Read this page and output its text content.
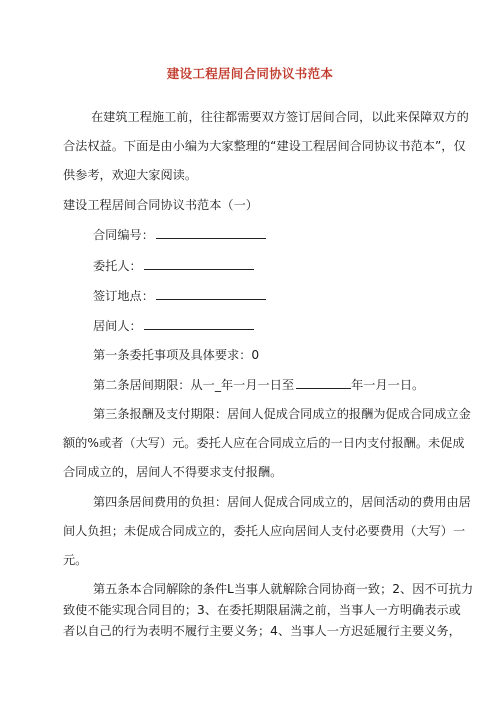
建设工程居间合同协议书范本
在建筑工程施工前，往往都需要双方签订居间合同，以此来保障双方的
合法权益。下面是由小编为大家整理的“建设工程居间合同协议书范本”，仅
供参考，欢迎大家阅读。
建设工程居间合同协议书范本（一）
合同编号：
委托人：
签订地点：
居间人：
第一条委托事项及具体要求：0
第二条居间期限：从一_年一月一日至	年一月一日。
第三条报酬及支付期限：居间人促成合同成立的报酬为促成合同成立金
额的%或者（大写）元。委托人应在合同成立后的一日内支付报酬。未促成
合同成立的，居间人不得要求支付报酬。
第四条居间费用的负担：居间人促成合同成立的，居间活动的费用由居
间人负担；未促成合同成立的，委托人应向居间人支付必要费用（大写）一
元。
第五条本合同解除的条件L当事人就解除合同协商一致；2、因不可抗力
致使不能实现合同目的；3、在委托期限届满之前，当事人一方明确表示或
者以自己的行为表明不履行主要义务；4、当事人一方迟延履行主要义务，
